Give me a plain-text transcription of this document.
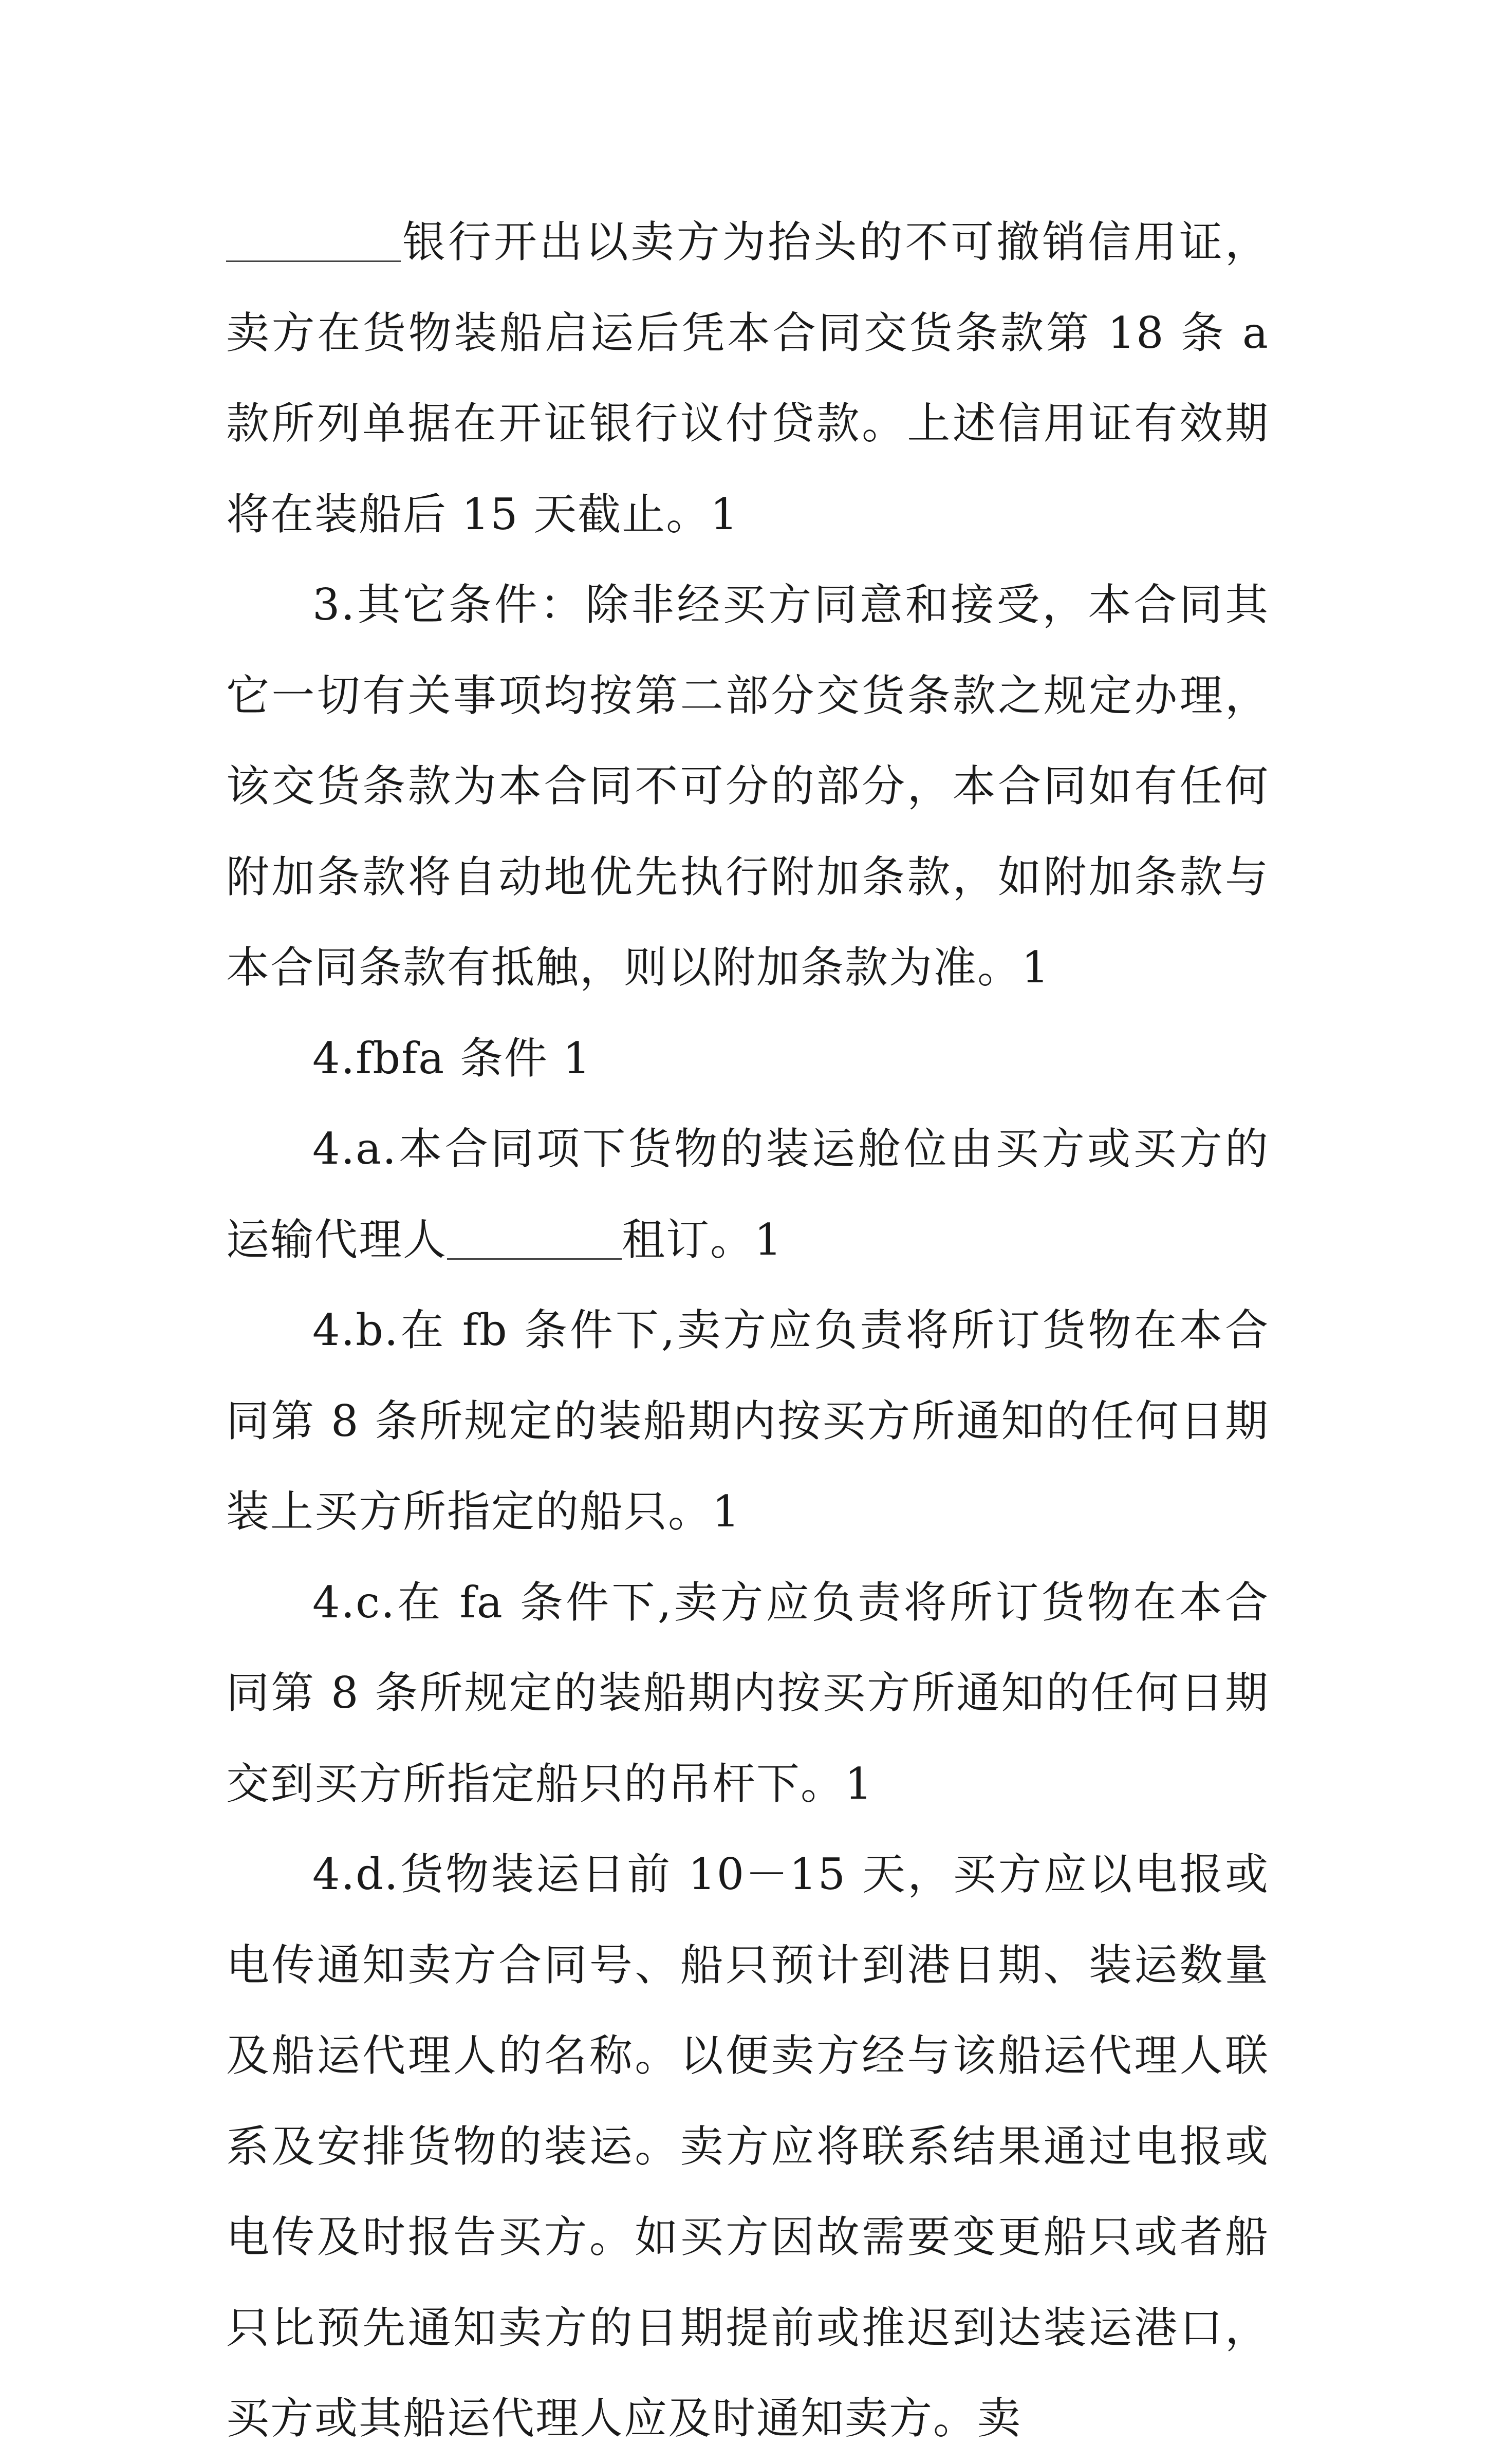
银行开出以卖方为抬头的不可撤销信用证，卖方在货物装船启运后凭本合同交货条款第 18 条 a 款所列单据在开证银行议付贷款。上述信用证有效期将在装船后 15 天截止。1

3.其它条件：除非经买方同意和接受，本合同其它一切有关事项均按第二部分交货条款之规定办理，该交货条款为本合同不可分的部分，本合同如有任何附加条款将自动地优先执行附加条款，如附加条款与本合同条款有抵触，则以附加条款为准。1

4.fbfa 条件 1

4.a.本合同项下货物的装运舱位由买方或买方的运输代理人	租订。1

4.b.在 fb 条件下,卖方应负责将所订货物在本合同第 8 条所规定的装船期内按买方所通知的任何日期装上买方所指定的船只。1

4.c.在 fa 条件下,卖方应负责将所订货物在本合同第 8 条所规定的装船期内按买方所通知的任何日期交到买方所指定船只的吊杆下。1

4.d.货物装运日前 10－15 天，买方应以电报或电传通知卖方合同号、船只预计到港日期、装运数量及船运代理人的名称。以便卖方经与该船运代理人联系及安排货物的装运。卖方应将联系结果通过电报或电传及时报告买方。如买方因故需要变更船只或者船只比预先通知卖方的日期提前或推迟到达装运港口，买方或其船运代理人应及时通知卖方。卖
